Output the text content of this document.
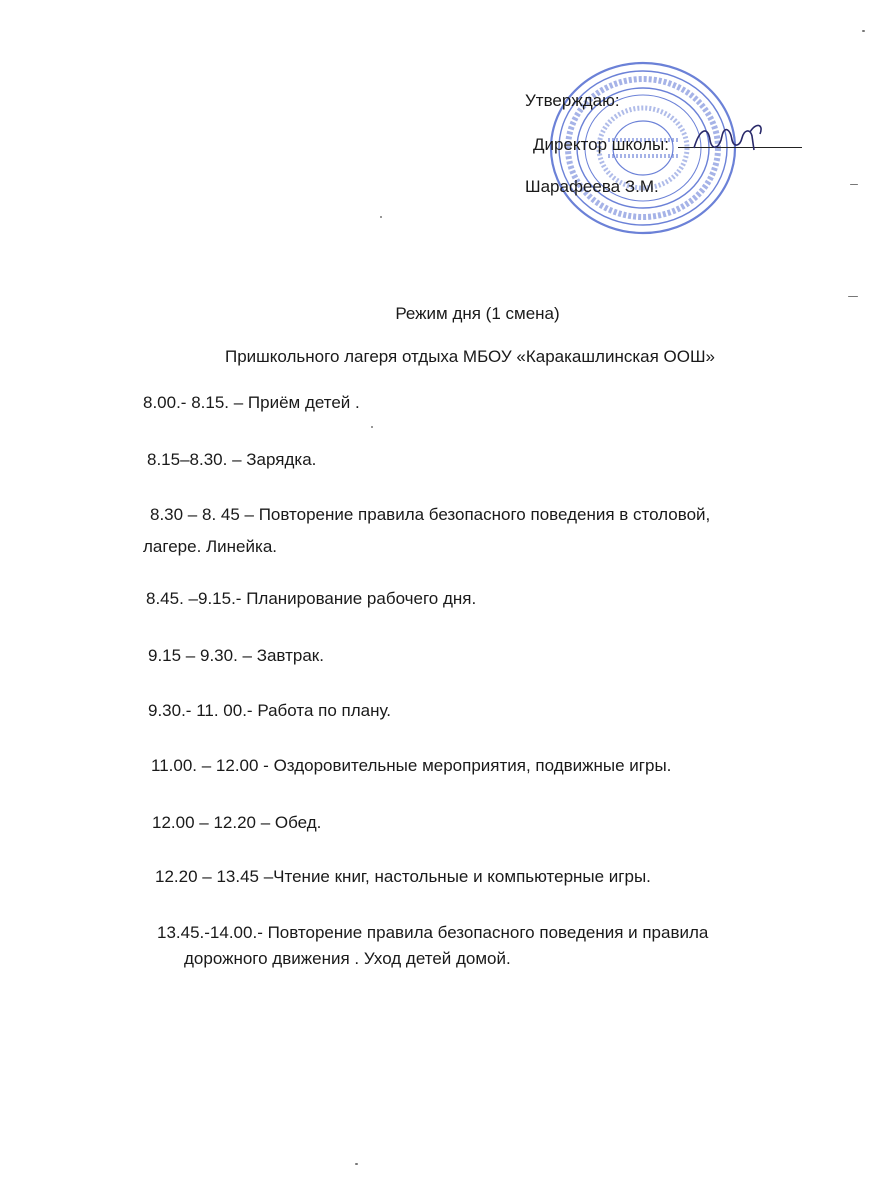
Утверждаю:
Директор школы:
Шарафеева З.М.
Режим дня (1 смена)
Пришкольного лагеря отдыха МБОУ «Каракашлинская ООШ»
8.00.- 8.15. – Приём детей .
8.15–8.30. – Зарядка.
8.30 – 8. 45 – Повторение правила безопасного поведения в столовой,
лагере. Линейка.
8.45. –9.15.- Планирование рабочего дня.
9.15 – 9.30. – Завтрак.
9.30.- 11. 00.- Работа по плану.
11.00. – 12.00 - Оздоровительные мероприятия, подвижные игры.
12.00 – 12.20 – Обед.
12.20 – 13.45 –Чтение книг, настольные и компьютерные игры.
13.45.-14.00.- Повторение правила безопасного поведения и правила
дорожного движения . Уход детей домой.
